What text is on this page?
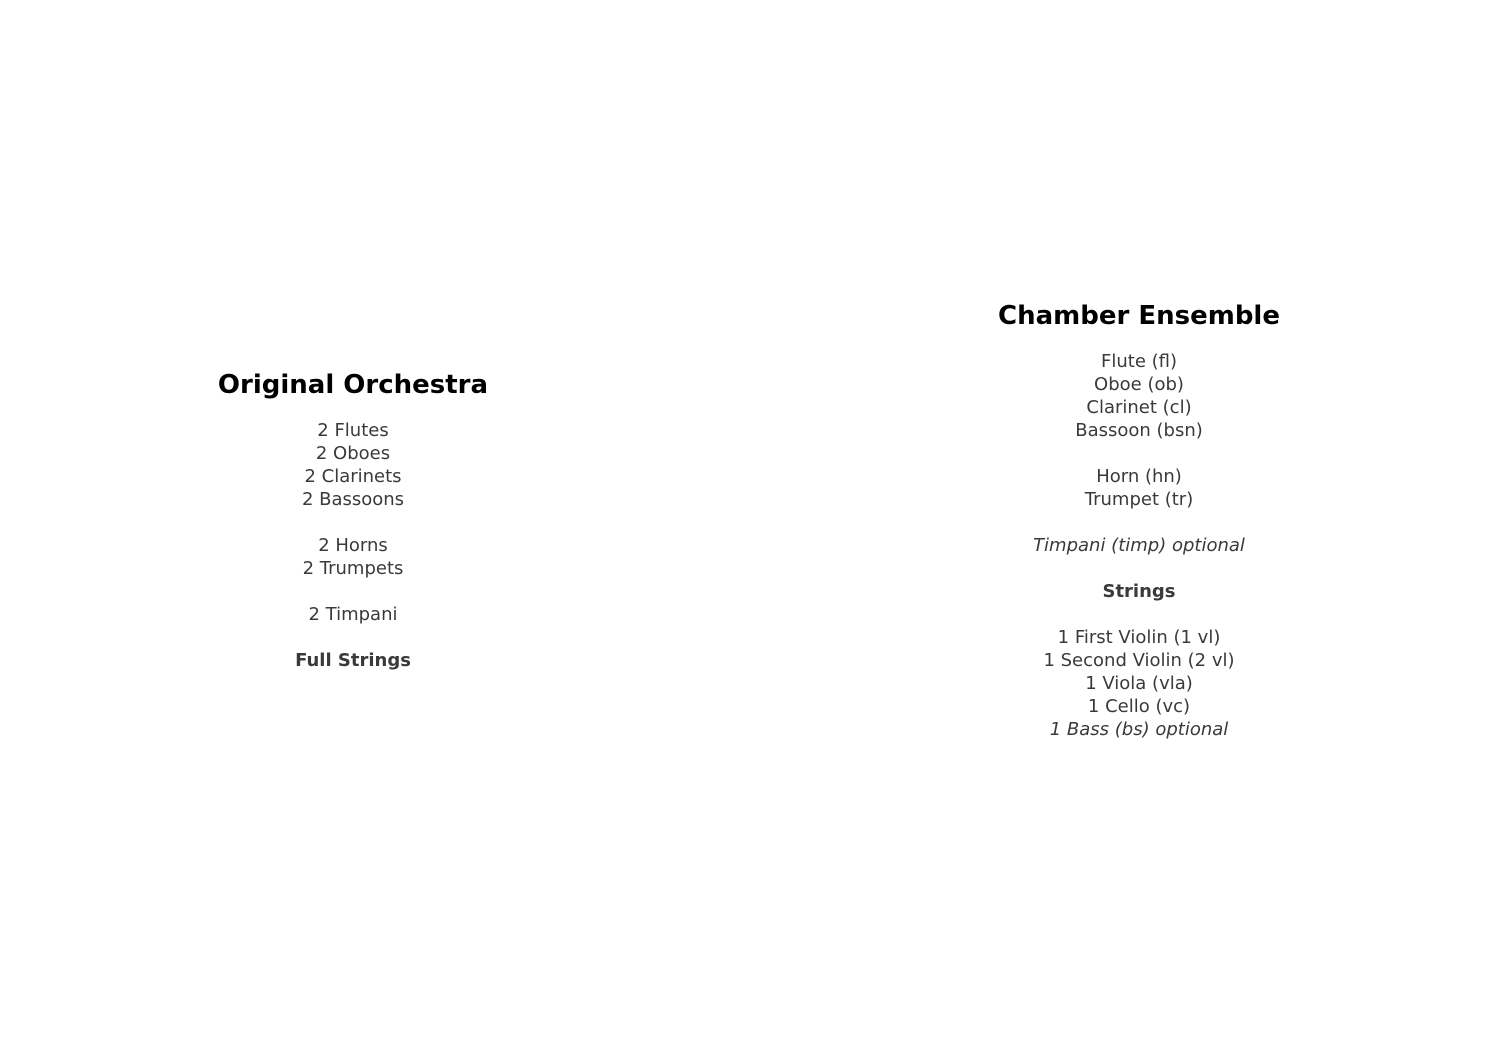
Original Orchestra
2 Flutes
2 Oboes
2 Clarinets
2 Bassoons
2 Horns
2 Trumpets
2 Timpani
Full Strings
Chamber Ensemble
Flute (fl)
Oboe (ob)
Clarinet (cl)
Bassoon (bsn)
Horn (hn)
Trumpet (tr)
Timpani (timp) optional
Strings
1 First Violin (1 vl)
1 Second Violin (2 vl)
1 Viola (vla)
1 Cello (vc)
1 Bass (bs) optional
